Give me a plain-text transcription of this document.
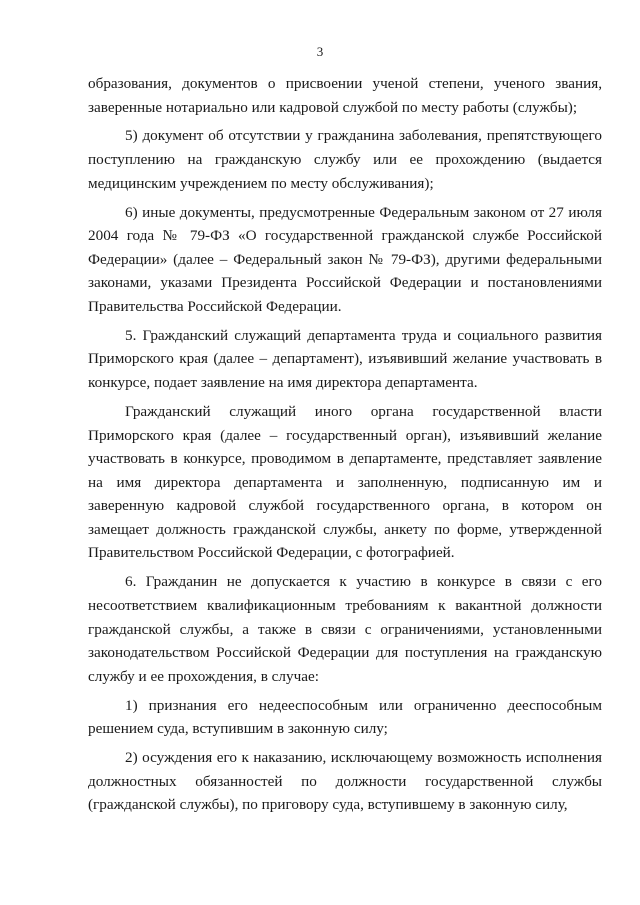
3

образования, документов о присвоении ученой степени, ученого звания, заверенные нотариально или кадровой службой по месту работы (службы);

5) документ об отсутствии у гражданина заболевания, препятствующего поступлению на гражданскую службу или ее прохождению (выдается медицинским учреждением по месту обслуживания);

6) иные документы, предусмотренные Федеральным законом от 27 июля 2004 года № 79-ФЗ «О государственной гражданской службе Российской Федерации» (далее – Федеральный закон № 79-ФЗ), другими федеральными законами, указами Президента Российской Федерации и постановлениями Правительства Российской Федерации.

5. Гражданский служащий департамента труда и социального развития Приморского края (далее – департамент), изъявивший желание участвовать в конкурсе, подает заявление на имя директора департамента.

Гражданский служащий иного органа государственной власти Приморского края (далее – государственный орган), изъявивший желание участвовать в конкурсе, проводимом в департаменте, представляет заявление на имя директора департамента и заполненную, подписанную им и заверенную кадровой службой государственного органа, в котором он замещает должность гражданской службы, анкету по форме, утвержденной Правительством Российской Федерации, с фотографией.

6. Гражданин не допускается к участию в конкурсе в связи с его несоответствием квалификационным требованиям к вакантной должности гражданской службы, а также в связи с ограничениями, установленными законодательством Российской Федерации для поступления на гражданскую службу и ее прохождения, в случае:

1) признания его недееспособным или ограниченно дееспособным решением суда, вступившим в законную силу;

2) осуждения его к наказанию, исключающему возможность исполнения должностных обязанностей по должности государственной службы (гражданской службы), по приговору суда, вступившему в законную силу,
